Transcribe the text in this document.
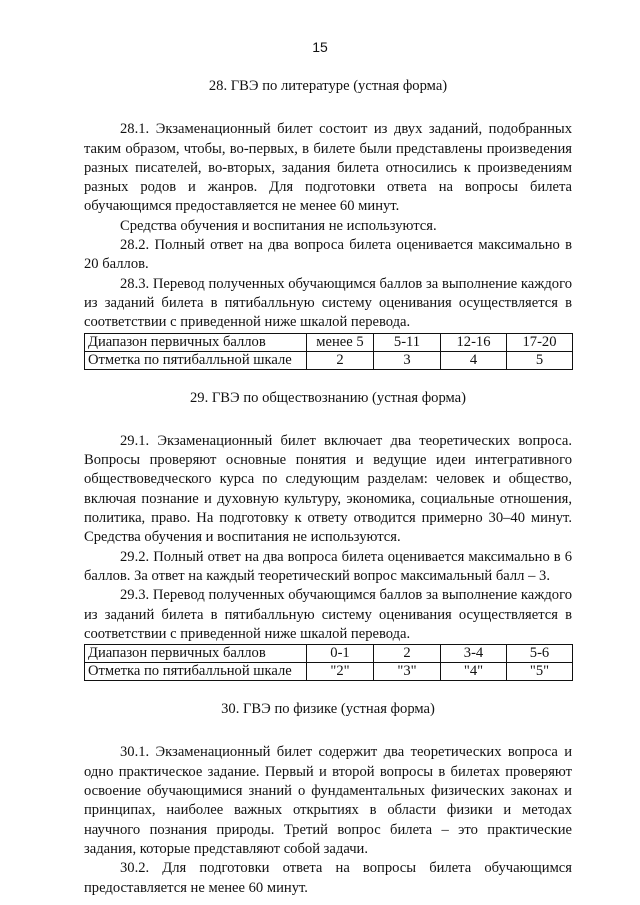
15

28. ГВЭ по литературе (устная форма)

28.1. Экзаменационный билет состоит из двух заданий, подобранных таким образом, чтобы, во-первых, в билете были представлены произведения разных писателей, во-вторых, задания билета относились к произведениям разных родов и жанров. Для подготовки ответа на вопросы билета обучающимся предоставляется не менее 60 минут.

Средства обучения и воспитания не используются.

28.2. Полный ответ на два вопроса билета оценивается максимально в 20 баллов.

28.3. Перевод полученных обучающимся баллов за выполнение каждого из заданий билета в пятибалльную систему оценивания осуществляется в соответствии с приведенной ниже шкалой перевода.

Диапазон первичных баллов	менее 5	5-11	12-16	17-20
Отметка по пятибалльной шкале	2	3	4	5

29. ГВЭ по обществознанию (устная форма)

29.1. Экзаменационный билет включает два теоретических вопроса. Вопросы проверяют основные понятия и ведущие идеи интегративного обществоведческого курса по следующим разделам: человек и общество, включая познание и духовную культуру, экономика, социальные отношения, политика, право. На подготовку к ответу отводится примерно 30–40 минут. Средства обучения и воспитания не используются.

29.2. Полный ответ на два вопроса билета оценивается максимально в 6 баллов. За ответ на каждый теоретический вопрос максимальный балл – 3.

29.3. Перевод полученных обучающимся баллов за выполнение каждого из заданий билета в пятибалльную систему оценивания осуществляется в соответствии с приведенной ниже шкалой перевода.

Диапазон первичных баллов	0-1	2	3-4	5-6
Отметка по пятибалльной шкале	"2"	"3"	"4"	"5"

30. ГВЭ по физике (устная форма)

30.1. Экзаменационный билет содержит два теоретических вопроса и одно практическое задание. Первый и второй вопросы в билетах проверяют освоение обучающимися знаний о фундаментальных физических законах и принципах, наиболее важных открытиях в области физики и методах научного познания природы. Третий вопрос билета – это практические задания, которые представляют собой задачи.

30.2. Для подготовки ответа на вопросы билета обучающимся предоставляется не менее 60 минут.
